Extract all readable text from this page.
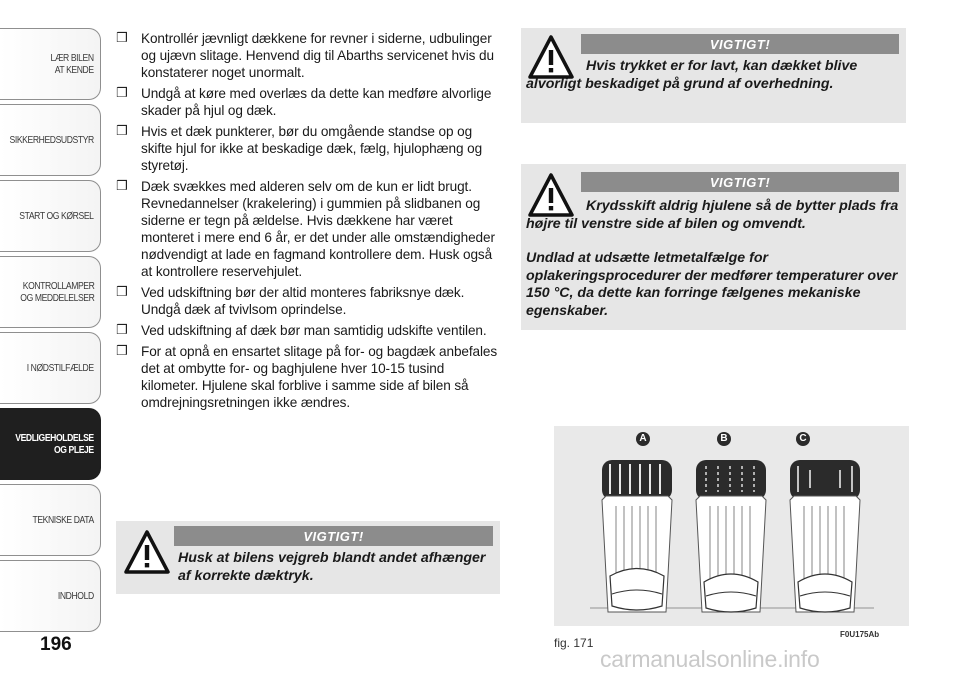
LÆR BILEN
AT KENDE
SIKKERHEDSUDSTYR
START OG KØRSEL
KONTROLLAMPER
OG MEDDELELSER
I NØDSTILFÆLDE
VEDLIGEHOLDELSE
OG PLEJE
TEKNISKE DATA
INDHOLD
196
❒ Kontrollér jævnligt dækkene for revner i siderne, udbulinger og ujævn slitage. Henvend dig til Abarths servicenet hvis du konstaterer noget unormalt.
❒ Undgå at køre med overlæs da dette kan medføre alvorlige skader på hjul og dæk.
❒ Hvis et dæk punkterer, bør du omgående standse op og skifte hjul for ikke at beskadige dæk, fælg, hjulophæng og styretøj.
❒ Dæk svækkes med alderen selv om de kun er lidt brugt. Revnedannelser (krakelering) i gummien på slidbanen og siderne er tegn på ældelse. Hvis dækkene har været monteret i mere end 6 år, er det under alle omstændigheder nødvendigt at lade en fagmand kontrollere dem. Husk også at kontrollere reservehjulet.
❒ Ved udskiftning bør der altid monteres fabriksnye dæk. Undgå dæk af tvivlsom oprindelse.
❒ Ved udskiftning af dæk bør man samtidig udskifte ventilen.
❒ For at opnå en ensartet slitage på for- og bagdæk anbefales det at ombytte for- og baghjulene hver 10-15 tusind kilometer. Hjulene skal forblive i samme side af bilen så omdrejningsretningen ikke ændres.
VIGTIGT!
Husk at bilens vejgreb blandt andet afhænger af korrekte dæktryk.
VIGTIGT!
Hvis trykket er for lavt, kan dækket blive alvorligt beskadiget på grund af overhedning.
VIGTIGT!
Krydsskift aldrig hjulene så de bytter plads fra højre til venstre side af bilen og omvendt.
Undlad at udsætte letmetalfælge for oplakeringsprocedurer der medfører temperaturer over 150 °C, da dette kan forringe fælgenes mekaniske egenskaber.
A	B	C
F0U175Ab
fig. 171
carmanualsonline.info
